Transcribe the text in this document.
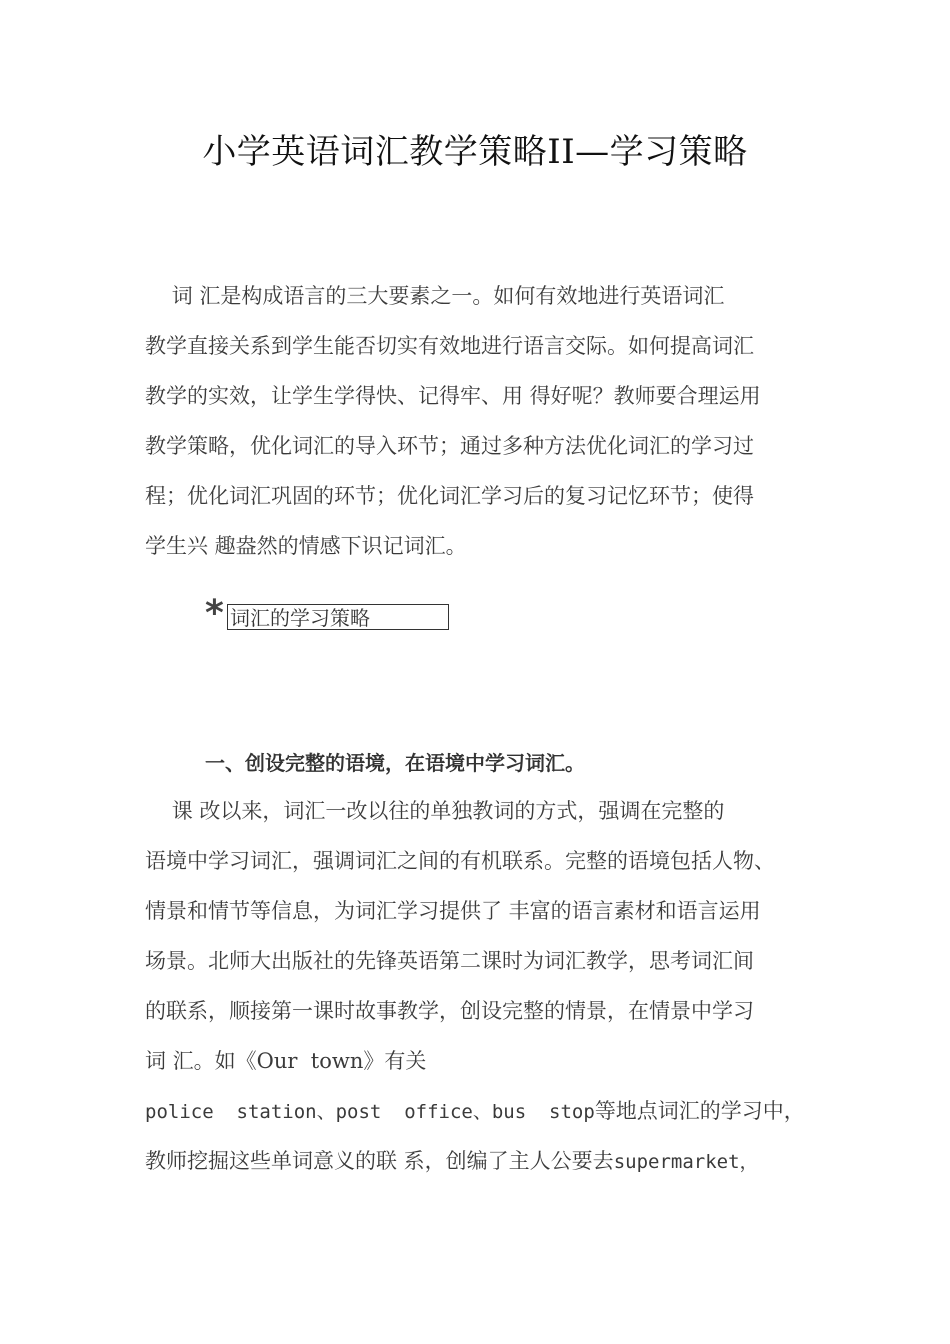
小学英语词汇教学策略II—学习策略
词 汇是构成语言的三大要素之一。如何有效地进行英语词汇
教学直接关系到学生能否切实有效地进行语言交际。如何提高词汇
教学的实效，让学生学得快、记得牢、用 得好呢？教师要合理运用
教学策略，优化词汇的导入环节；通过多种方法优化词汇的学习过
程；优化词汇巩固的环节；优化词汇学习后的复习记忆环节；使得
学生兴 趣盎然的情感下识记词汇。
* 词汇的学习策略
一、创设完整的语境，在语境中学习词汇。
课 改以来，词汇一改以往的单独教词的方式，强调在完整的
语境中学习词汇，强调词汇之间的有机联系。完整的语境包括人物、
情景和情节等信息，为词汇学习提供了 丰富的语言素材和语言运用
场景。北师大出版社的先锋英语第二课时为词汇教学，思考词汇间
的联系，顺接第一课时故事教学，创设完整的情景，在情景中学习
词 汇。如《Our  town》有关
police  station、post  office、bus  stop等地点词汇的学习中，
教师挖掘这些单词意义的联 系，创编了主人公要去supermarket，
